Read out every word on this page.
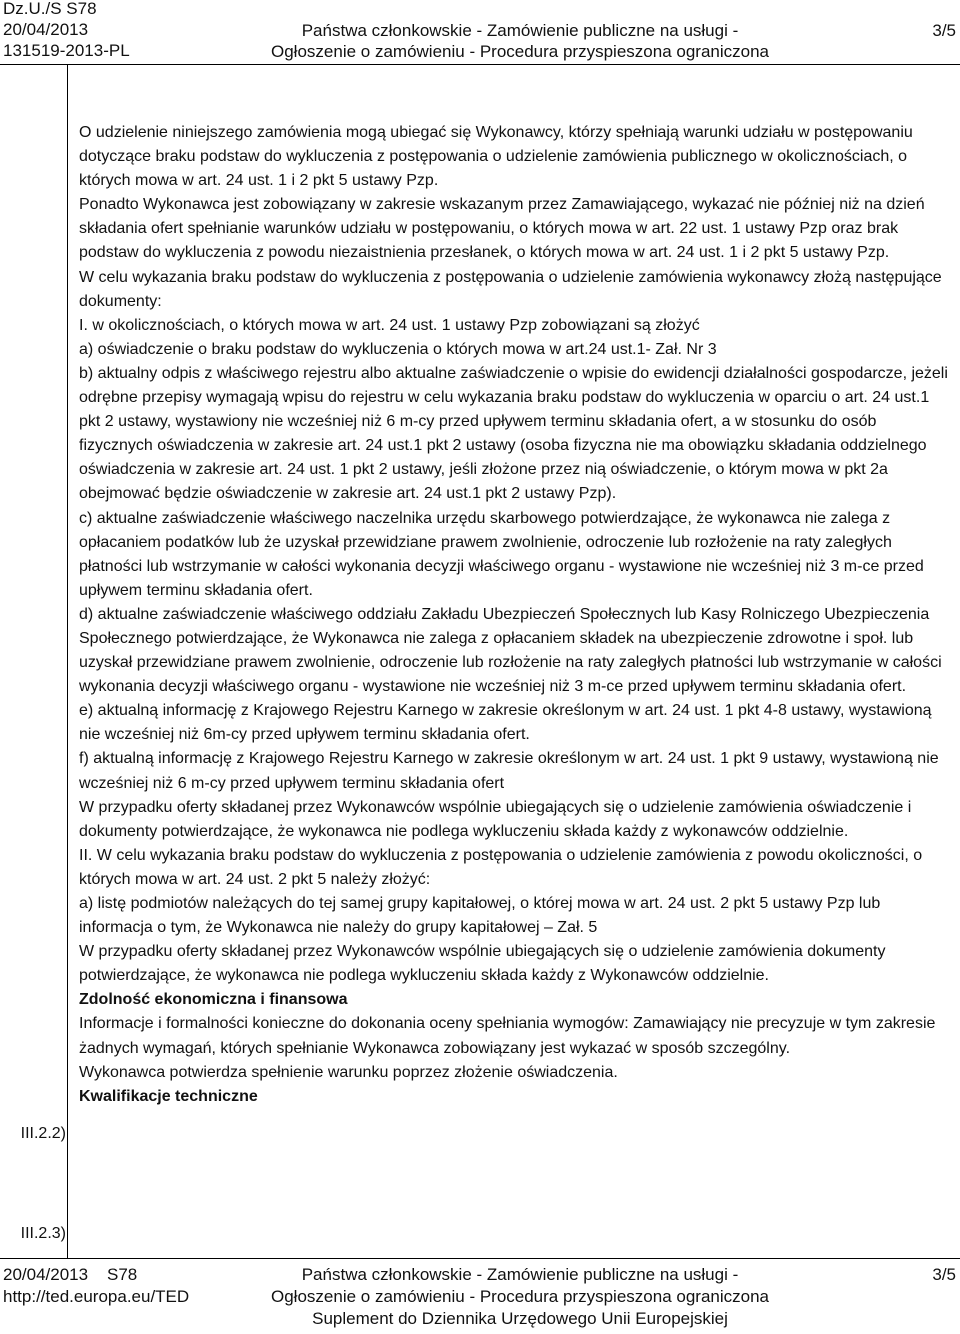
Dz.U./S S78
20/04/2013
131519-2013-PL
Państwa członkowskie - Zamówienie publiczne na usługi -
Ogłoszenie o zamówieniu - Procedura przyspieszona ograniczona
3/5

O udzielenie niniejszego zamówienia mogą ubiegać się Wykonawcy, którzy spełniają warunki udziału w postępowaniu dotyczące braku podstaw do wykluczenia z postępowania o udzielenie zamówienia publicznego w okolicznościach, o których mowa w art. 24 ust. 1 i 2 pkt 5 ustawy Pzp.

Ponadto Wykonawca jest zobowiązany w zakresie wskazanym przez Zamawiającego, wykazać nie później niż na dzień składania ofert spełnianie warunków udziału w postępowaniu, o których mowa w art. 22 ust. 1 ustawy Pzp oraz brak podstaw do wykluczenia z powodu niezaistnienia przesłanek, o których mowa w art. 24 ust. 1 i 2 pkt 5 ustawy Pzp.

W celu wykazania braku podstaw do wykluczenia z postępowania o udzielenie zamówienia wykonawcy złożą następujące dokumenty:

I. w okolicznościach, o których mowa w art. 24 ust. 1 ustawy Pzp zobowiązani są złożyć

a) oświadczenie o braku podstaw do wykluczenia o których mowa w art.24 ust.1- Zał. Nr 3

b) aktualny odpis z właściwego rejestru albo aktualne zaświadczenie o wpisie do ewidencji działalności gospodarcze, jeżeli odrębne przepisy wymagają wpisu do rejestru w celu wykazania braku podstaw do wykluczenia w oparciu o art. 24 ust.1 pkt 2 ustawy, wystawiony nie wcześniej niż 6 m-cy przed upływem terminu składania ofert, a w stosunku do osób fizycznych oświadczenia w zakresie art. 24 ust.1 pkt 2 ustawy (osoba fizyczna nie ma obowiązku składania oddzielnego oświadczenia w zakresie art. 24 ust. 1 pkt 2 ustawy, jeśli złożone przez nią oświadczenie, o którym mowa w pkt 2a obejmować będzie oświadczenie w zakresie art. 24 ust.1 pkt 2 ustawy Pzp).

c) aktualne zaświadczenie właściwego naczelnika urzędu skarbowego potwierdzające, że wykonawca nie zalega z opłacaniem podatków lub że uzyskał przewidziane prawem zwolnienie, odroczenie lub rozłożenie na raty zaległych płatności lub wstrzymanie w całości wykonania decyzji właściwego organu - wystawione nie wcześniej niż 3 m-ce przed upływem terminu składania ofert.

d) aktualne zaświadczenie właściwego oddziału Zakładu Ubezpieczeń Społecznych lub Kasy Rolniczego Ubezpieczenia Społecznego potwierdzające, że Wykonawca nie zalega z opłacaniem składek na ubezpieczenie zdrowotne i społ. lub uzyskał przewidziane prawem zwolnienie, odroczenie lub rozłożenie na raty zaległych płatności lub wstrzymanie w całości wykonania decyzji właściwego organu - wystawione nie wcześniej niż 3 m-ce przed upływem terminu składania ofert.

e) aktualną informację z Krajowego Rejestru Karnego w zakresie określonym w art. 24 ust. 1 pkt 4-8 ustawy, wystawioną nie wcześniej niż 6m-cy przed upływem terminu składania ofert.

f) aktualną informację z Krajowego Rejestru Karnego w zakresie określonym w art. 24 ust. 1 pkt 9 ustawy, wystawioną nie wcześniej niż 6 m-cy przed upływem terminu składania ofert

W przypadku oferty składanej przez Wykonawców wspólnie ubiegających się o udzielenie zamówienia oświadczenie i dokumenty potwierdzające, że wykonawca nie podlega wykluczeniu składa każdy z wykonawców oddzielnie.

II. W celu wykazania braku podstaw do wykluczenia z postępowania o udzielenie zamówienia z powodu okoliczności, o których mowa w art. 24 ust. 2 pkt 5 należy złożyć:

a) listę podmiotów należących do tej samej grupy kapitałowej, o której mowa w art. 24 ust. 2 pkt 5 ustawy Pzp lub informacja o tym, że Wykonawca nie należy do grupy kapitałowej – Zał. 5

W przypadku oferty składanej przez Wykonawców wspólnie ubiegających się o udzielenie zamówienia dokumenty potwierdzające, że wykonawca nie podlega wykluczeniu składa każdy z Wykonawców oddzielnie.

Zdolność ekonomiczna i finansowa

Informacje i formalności konieczne do dokonania oceny spełniania wymogów: Zamawiający nie precyzuje w tym zakresie żadnych wymagań, których spełnianie Wykonawca zobowiązany jest wykazać w sposób szczególny.

Wykonawca potwierdza spełnienie warunku poprzez złożenie oświadczenia.

Kwalifikacje techniczne

III.2.2)
III.2.3)
20/04/2013    S78
http://ted.europa.eu/TED
Państwa członkowskie - Zamówienie publiczne na usługi -
Ogłoszenie o zamówieniu - Procedura przyspieszona ograniczona
Suplement do Dziennika Urzędowego Unii Europejskiej
3/5
